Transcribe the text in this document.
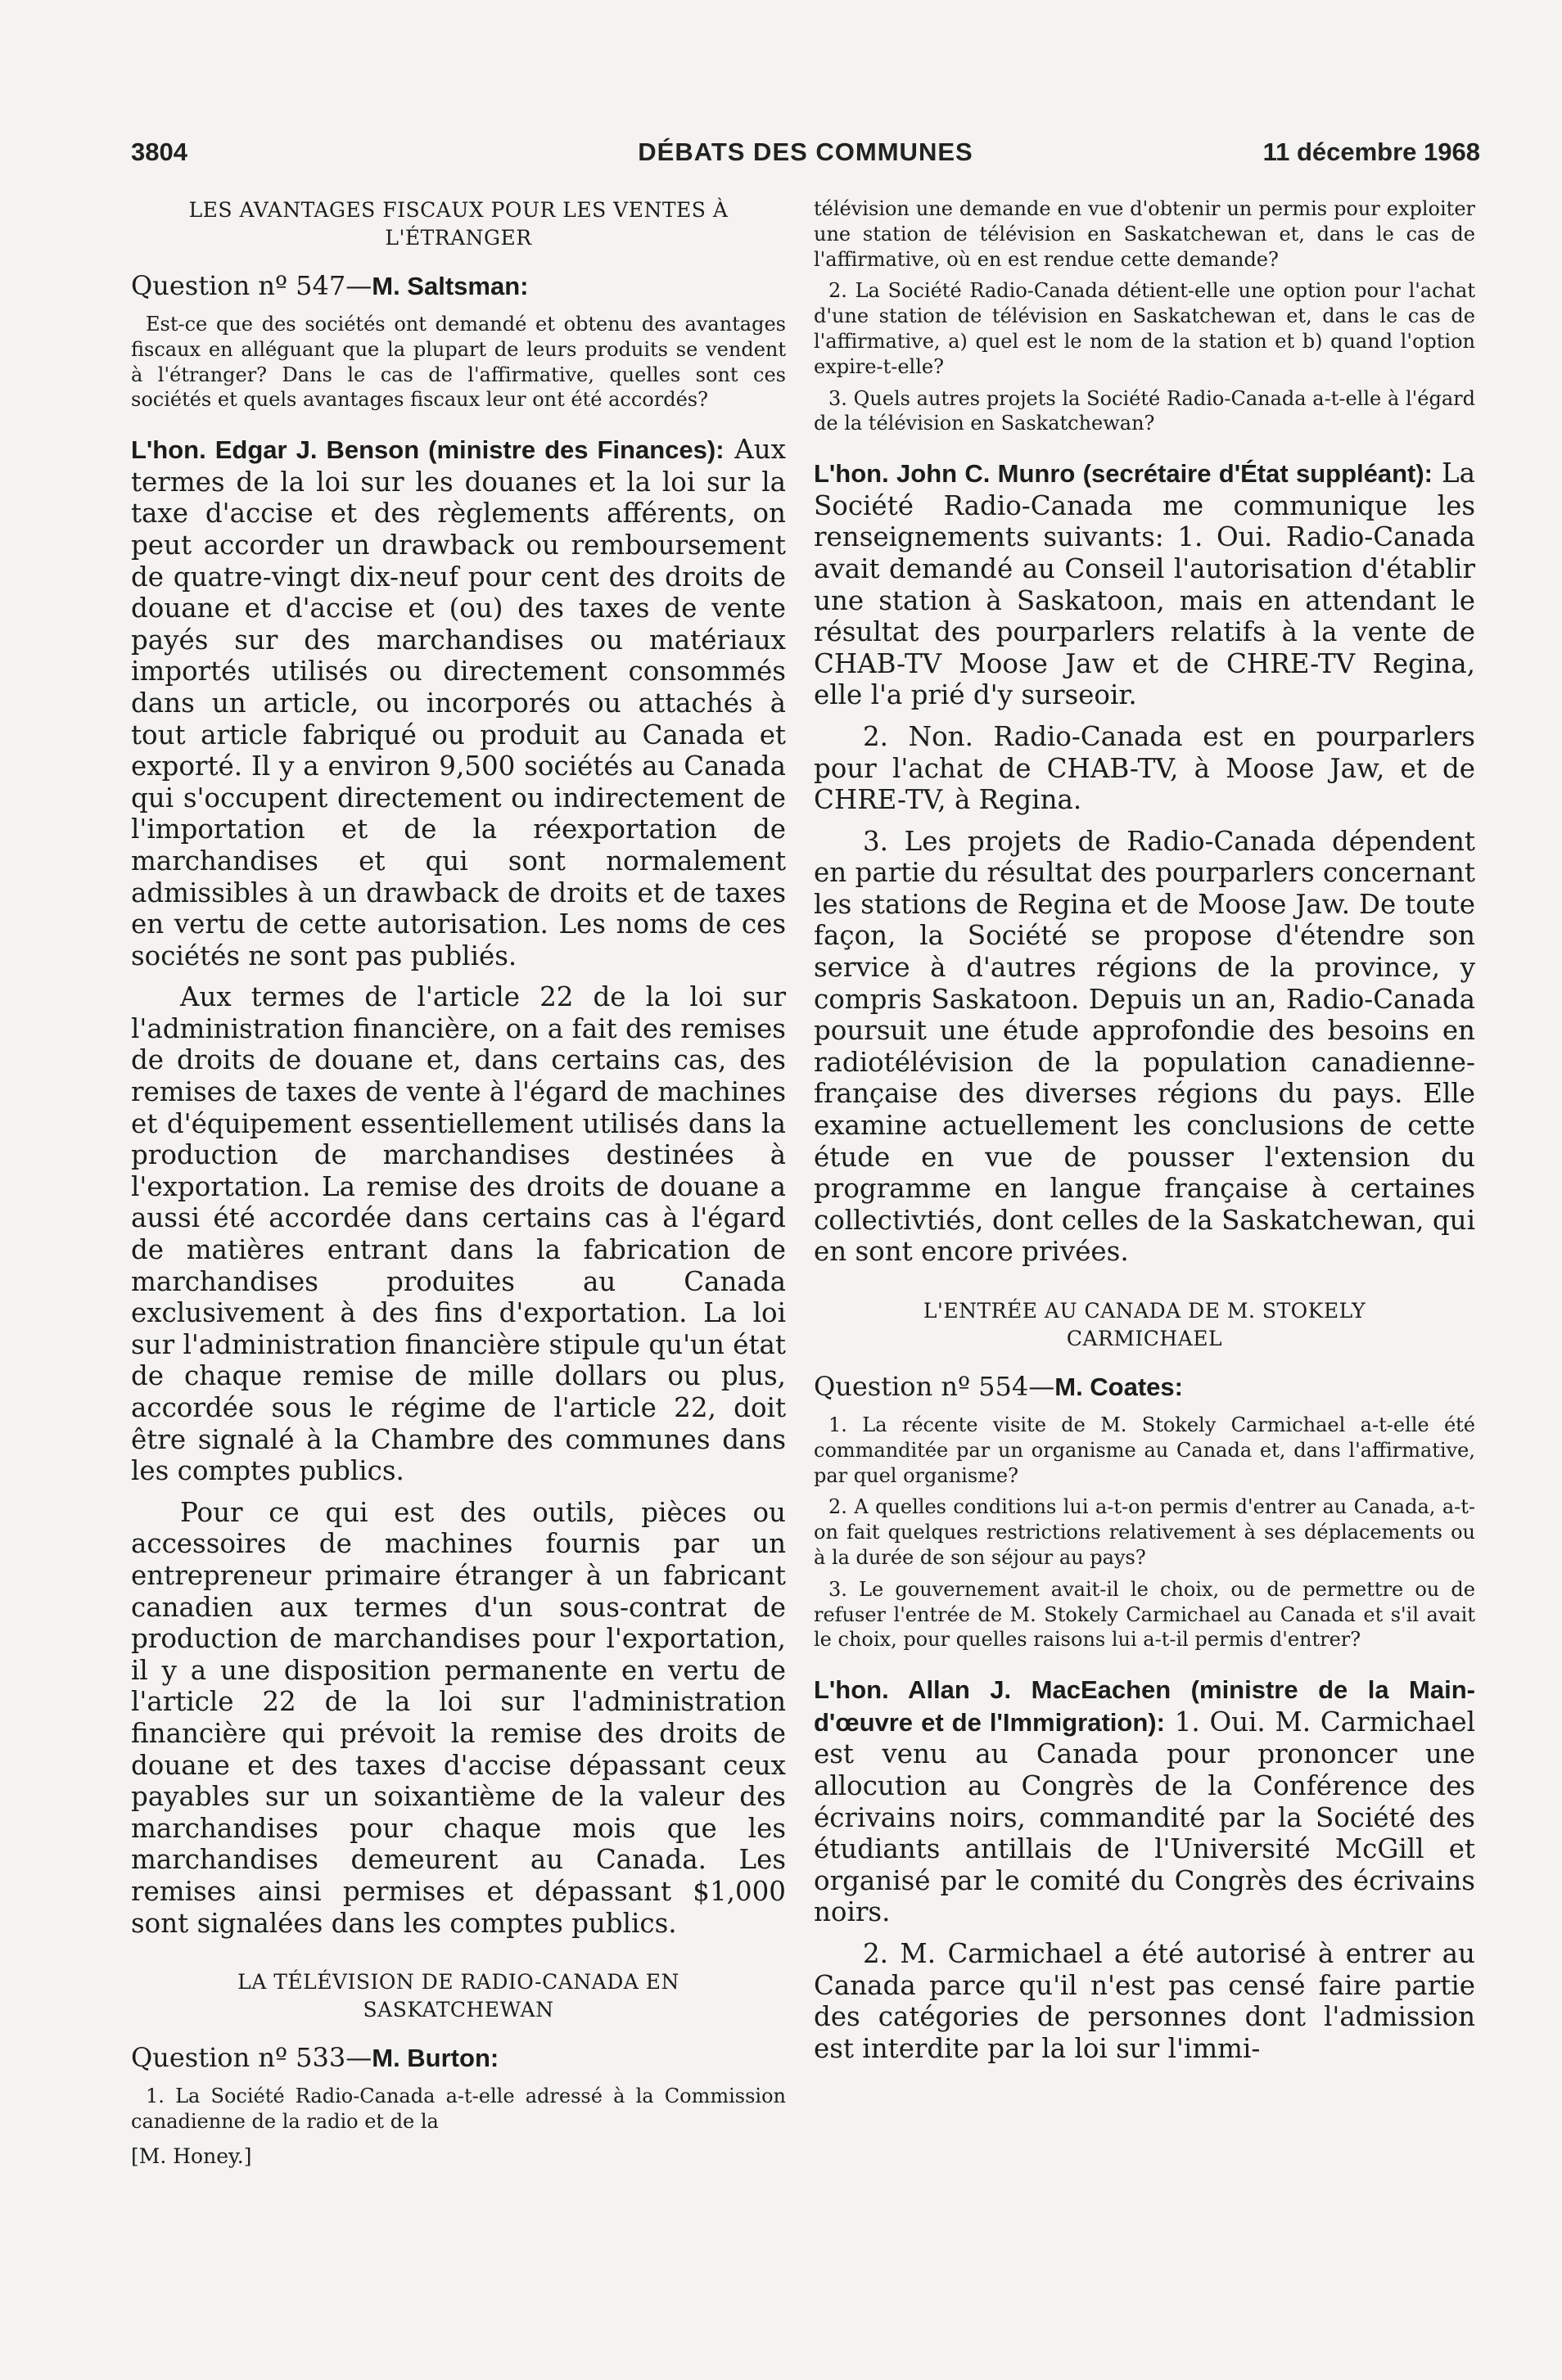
3804	DÉBATS DES COMMUNES	11 décembre 1968
LES AVANTAGES FISCAUX POUR LES VENTES À L'ÉTRANGER
Question nº 547—M. Saltsman:

Est-ce que des sociétés ont demandé et obtenu des avantages fiscaux en alléguant que la plupart de leurs produits se vendent à l'étranger? Dans le cas de l'affirmative, quelles sont ces sociétés et quels avantages fiscaux leur ont été accordés?

L'hon. Edgar J. Benson (ministre des Finances): Aux termes de la loi sur les douanes et la loi sur la taxe d'accise et des règlements afférents, on peut accorder un drawback ou remboursement de quatre-vingt dix-neuf pour cent des droits de douane et d'accise et (ou) des taxes de vente payés sur des marchandises ou matériaux importés utilisés ou directement consommés dans un article, ou incorporés ou attachés à tout article fabriqué ou produit au Canada et exporté. Il y a environ 9,500 sociétés au Canada qui s'occupent directement ou indirectement de l'importation et de la réexportation de marchandises et qui sont normalement admissibles à un drawback de droits et de taxes en vertu de cette autorisation. Les noms de ces sociétés ne sont pas publiés.

Aux termes de l'article 22 de la loi sur l'administration financière, on a fait des remises de droits de douane et, dans certains cas, des remises de taxes de vente à l'égard de machines et d'équipement essentiellement utilisés dans la production de marchandises destinées à l'exportation. La remise des droits de douane a aussi été accordée dans certains cas à l'égard de matières entrant dans la fabrication de marchandises produites au Canada exclusivement à des fins d'exportation. La loi sur l'administration financière stipule qu'un état de chaque remise de mille dollars ou plus, accordée sous le régime de l'article 22, doit être signalé à la Chambre des communes dans les comptes publics.

Pour ce qui est des outils, pièces ou accessoires de machines fournis par un entrepreneur primaire étranger à un fabricant canadien aux termes d'un sous-contrat de production de marchandises pour l'exportation, il y a une disposition permanente en vertu de l'article 22 de la loi sur l'administration financière qui prévoit la remise des droits de douane et des taxes d'accise dépassant ceux payables sur un soixantième de la valeur des marchandises pour chaque mois que les marchandises demeurent au Canada. Les remises ainsi permises et dépassant $1,000 sont signalées dans les comptes publics.

LA TÉLÉVISION DE RADIO-CANADA EN SASKATCHEWAN
Question nº 533—M. Burton:

1. La Société Radio-Canada a-t-elle adressé à la Commission canadienne de la radio et de la

[M. Honey.]

télévision une demande en vue d'obtenir un permis pour exploiter une station de télévision en Saskatchewan et, dans le cas de l'affirmative, où en est rendue cette demande?

2. La Société Radio-Canada détient-elle une option pour l'achat d'une station de télévision en Saskatchewan et, dans le cas de l'affirmative, a) quel est le nom de la station et b) quand l'option expire-t-elle?

3. Quels autres projets la Société Radio-Canada a-t-elle à l'égard de la télévision en Saskatchewan?

L'hon. John C. Munro (secrétaire d'État suppléant): La Société Radio-Canada me communique les renseignements suivants: 1. Oui. Radio-Canada avait demandé au Conseil l'autorisation d'établir une station à Saskatoon, mais en attendant le résultat des pourparlers relatifs à la vente de CHAB-TV Moose Jaw et de CHRE-TV Regina, elle l'a prié d'y surseoir.

2. Non. Radio-Canada est en pourparlers pour l'achat de CHAB-TV, à Moose Jaw, et de CHRE-TV, à Regina.

3. Les projets de Radio-Canada dépendent en partie du résultat des pourparlers concernant les stations de Regina et de Moose Jaw. De toute façon, la Société se propose d'étendre son service à d'autres régions de la province, y compris Saskatoon. Depuis un an, Radio-Canada poursuit une étude approfondie des besoins en radiotélévision de la population canadienne-française des diverses régions du pays. Elle examine actuellement les conclusions de cette étude en vue de pousser l'extension du programme en langue française à certaines collectivtiés, dont celles de la Saskatchewan, qui en sont encore privées.

L'ENTRÉE AU CANADA DE M. STOKELY CARMICHAEL
Question nº 554—M. Coates:

1. La récente visite de M. Stokely Carmichael a-t-elle été commanditée par un organisme au Canada et, dans l'affirmative, par quel organisme?

2. A quelles conditions lui a-t-on permis d'entrer au Canada, a-t-on fait quelques restrictions relativement à ses déplacements ou à la durée de son séjour au pays?

3. Le gouvernement avait-il le choix, ou de permettre ou de refuser l'entrée de M. Stokely Carmichael au Canada et s'il avait le choix, pour quelles raisons lui a-t-il permis d'entrer?

L'hon. Allan J. MacEachen (ministre de la Main-d'œuvre et de l'Immigration): 1. Oui. M. Carmichael est venu au Canada pour prononcer une allocution au Congrès de la Conférence des écrivains noirs, commandité par la Société des étudiants antillais de l'Université McGill et organisé par le comité du Congrès des écrivains noirs.

2. M. Carmichael a été autorisé à entrer au Canada parce qu'il n'est pas censé faire partie des catégories de personnes dont l'admission est interdite par la loi sur l'immi-
